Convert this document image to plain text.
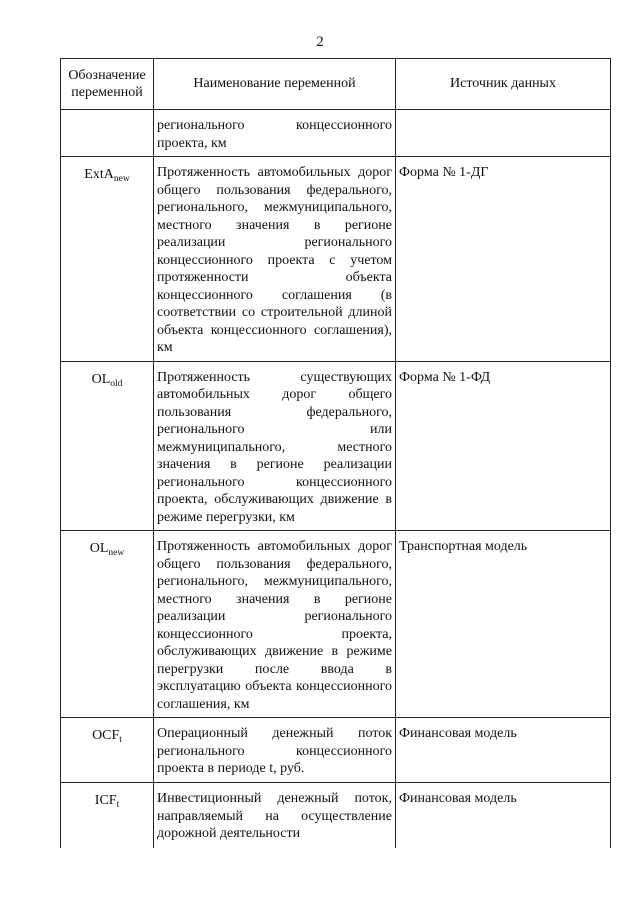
2
Обозначение переменной	Наименование переменной	Источник данных
	регионального концессионного проекта, км	
ExtA$_{new}$	Протяженность автомобильных дорог общего пользования федерального, регионального, межмуниципального, местного значения в регионе реализации регионального концессионного проекта с учетом протяженности объекта концессионного соглашения (в соответствии со строительной длиной объекта концессионного соглашения), км	Форма № 1-ДГ
$OL_{old}$	Протяженность существующих автомобильных дорог общего пользования федерального, регионального или межмуниципального, местного значения в регионе реализации регионального концессионного проекта, обслуживающих движение в режиме перегрузки, км	Форма № 1-ФД
$OL_{new}$	Протяженность автомобильных дорог общего пользования федерального, регионального, межмуниципального, местного значения в регионе реализации регионального концессионного проекта, обслуживающих движение в режиме перегрузки после ввода в эксплуатацию объекта концессионного соглашения, км	Транспортная модель
$OCF_t$	Операционный денежный поток регионального концессионного проекта в периоде t, руб.	Финансовая модель
$ICF_t$	Инвестиционный денежный поток, направляемый на осуществление дорожной деятельности	Финансовая модель
